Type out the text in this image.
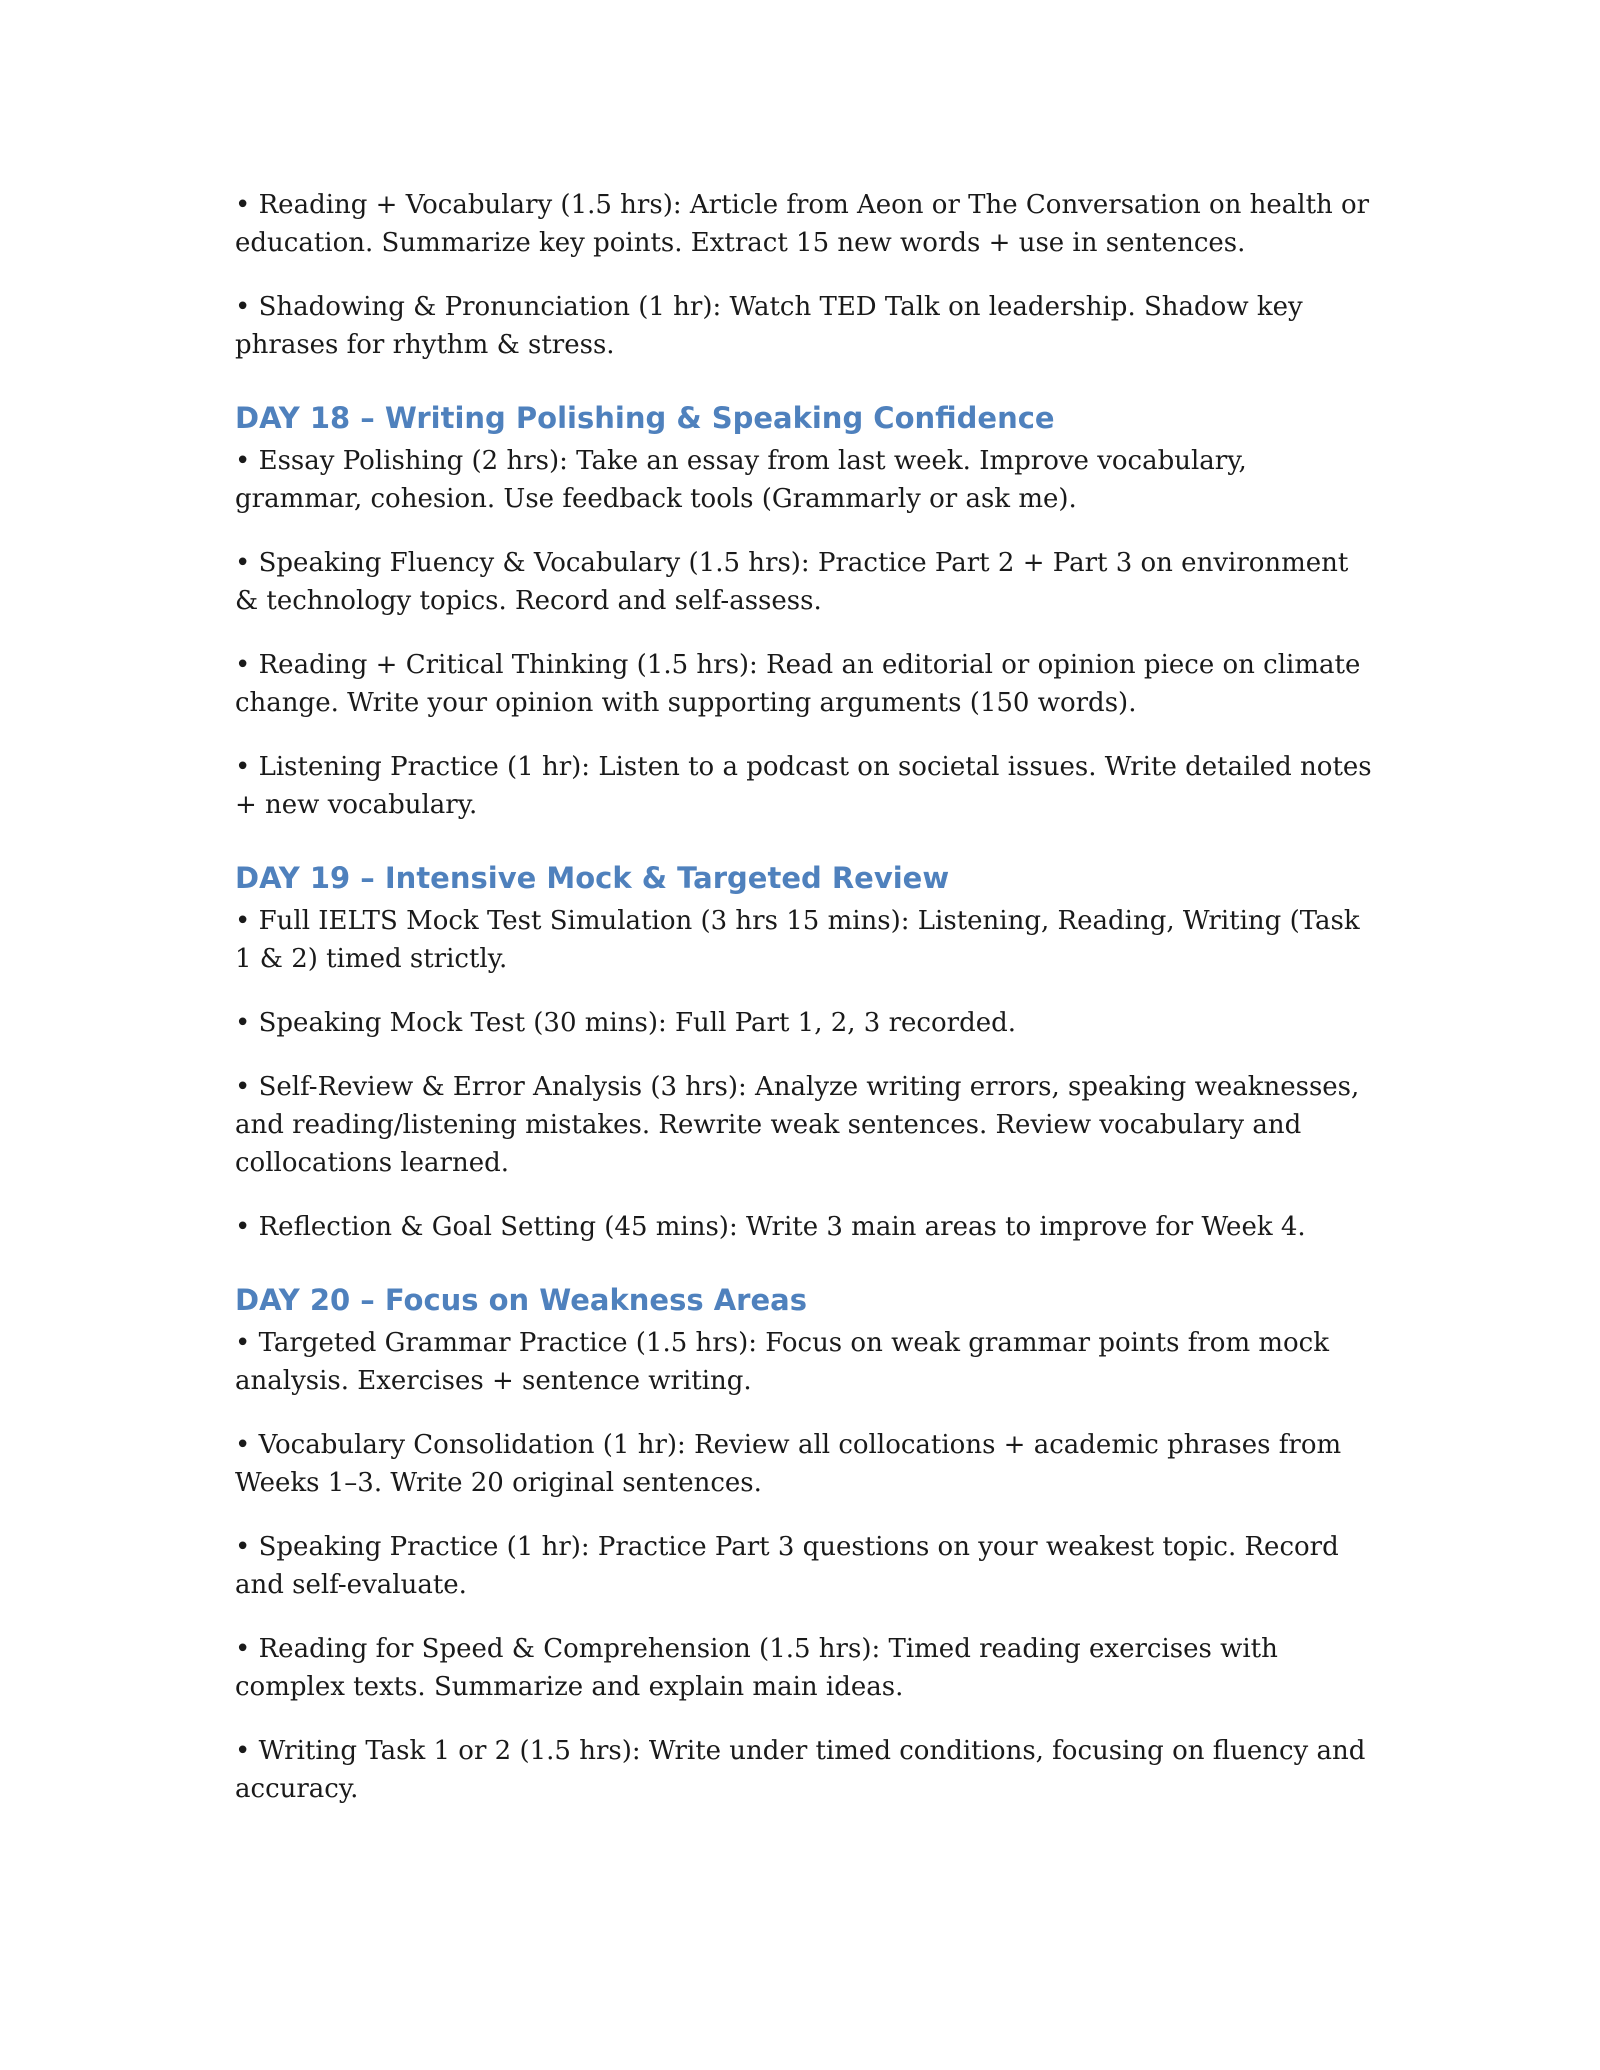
• Reading + Vocabulary (1.5 hrs): Article from Aeon or The Conversation on health or education. Summarize key points. Extract 15 new words + use in sentences.

• Shadowing & Pronunciation (1 hr): Watch TED Talk on leadership. Shadow key phrases for rhythm & stress.

DAY 18 – Writing Polishing & Speaking Confidence

• Essay Polishing (2 hrs): Take an essay from last week. Improve vocabulary, grammar, cohesion. Use feedback tools (Grammarly or ask me).

• Speaking Fluency & Vocabulary (1.5 hrs): Practice Part 2 + Part 3 on environment & technology topics. Record and self-assess.

• Reading + Critical Thinking (1.5 hrs): Read an editorial or opinion piece on climate change. Write your opinion with supporting arguments (150 words).

• Listening Practice (1 hr): Listen to a podcast on societal issues. Write detailed notes + new vocabulary.

DAY 19 – Intensive Mock & Targeted Review

• Full IELTS Mock Test Simulation (3 hrs 15 mins): Listening, Reading, Writing (Task 1 & 2) timed strictly.

• Speaking Mock Test (30 mins): Full Part 1, 2, 3 recorded.

• Self-Review & Error Analysis (3 hrs): Analyze writing errors, speaking weaknesses, and reading/listening mistakes. Rewrite weak sentences. Review vocabulary and collocations learned.

• Reflection & Goal Setting (45 mins): Write 3 main areas to improve for Week 4.

DAY 20 – Focus on Weakness Areas

• Targeted Grammar Practice (1.5 hrs): Focus on weak grammar points from mock analysis. Exercises + sentence writing.

• Vocabulary Consolidation (1 hr): Review all collocations + academic phrases from Weeks 1–3. Write 20 original sentences.

• Speaking Practice (1 hr): Practice Part 3 questions on your weakest topic. Record and self-evaluate.

• Reading for Speed & Comprehension (1.5 hrs): Timed reading exercises with complex texts. Summarize and explain main ideas.

• Writing Task 1 or 2 (1.5 hrs): Write under timed conditions, focusing on fluency and accuracy.
